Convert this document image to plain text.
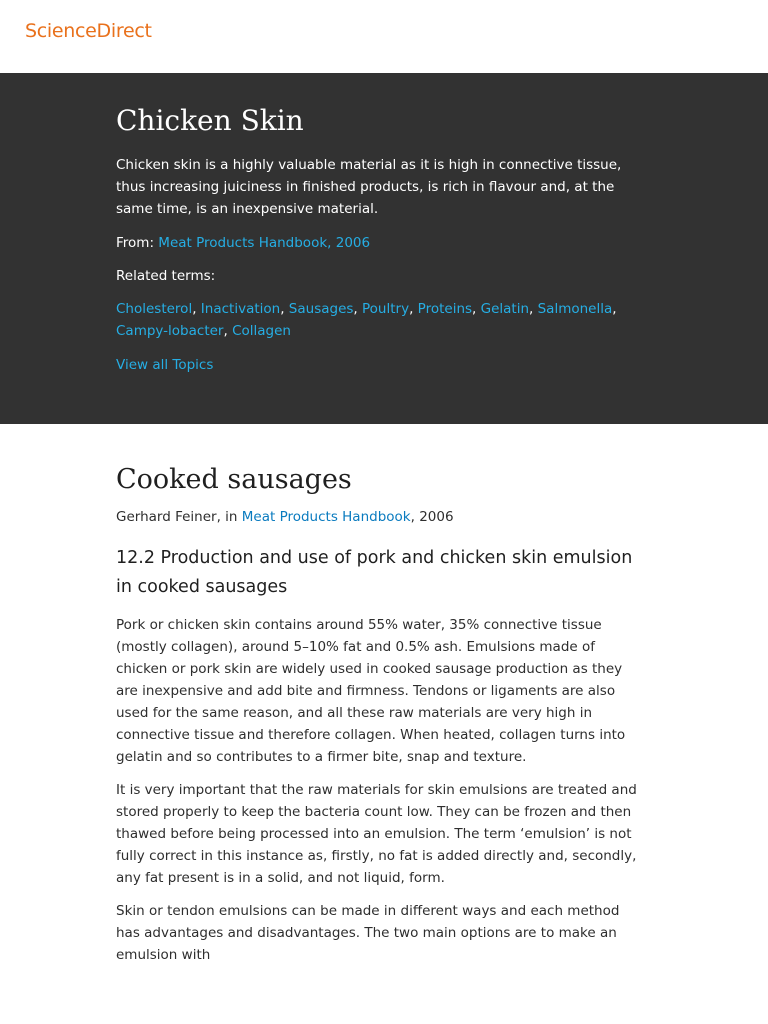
ScienceDirect
Chicken Skin

Chicken skin is a highly valuable material as it is high in connective tissue, thus increasing juiciness in finished products, is rich in flavour and, at the same time, is an inexpensive material.

From: Meat Products Handbook, 2006

Related terms:

Cholesterol, Inactivation, Sausages, Poultry, Proteins, Gelatin, Salmonella, Campy-lobacter, Collagen

View all Topics

Cooked sausages

Gerhard Feiner, in Meat Products Handbook, 2006

12.2 Production and use of pork and chicken skin emulsion in cooked sausages

Pork or chicken skin contains around 55% water, 35% connective tissue (mostly collagen), around 5–10% fat and 0.5% ash. Emulsions made of chicken or pork skin are widely used in cooked sausage production as they are inexpensive and add bite and firmness. Tendons or ligaments are also used for the same reason, and all these raw materials are very high in connective tissue and therefore collagen. When heated, collagen turns into gelatin and so contributes to a firmer bite, snap and texture.

It is very important that the raw materials for skin emulsions are treated and stored properly to keep the bacteria count low. They can be frozen and then thawed before being processed into an emulsion. The term ‘emulsion’ is not fully correct in this instance as, firstly, no fat is added directly and, secondly, any fat present is in a solid, and not liquid, form.

Skin or tendon emulsions can be made in different ways and each method has advantages and disadvantages. The two main options are to make an emulsion with
